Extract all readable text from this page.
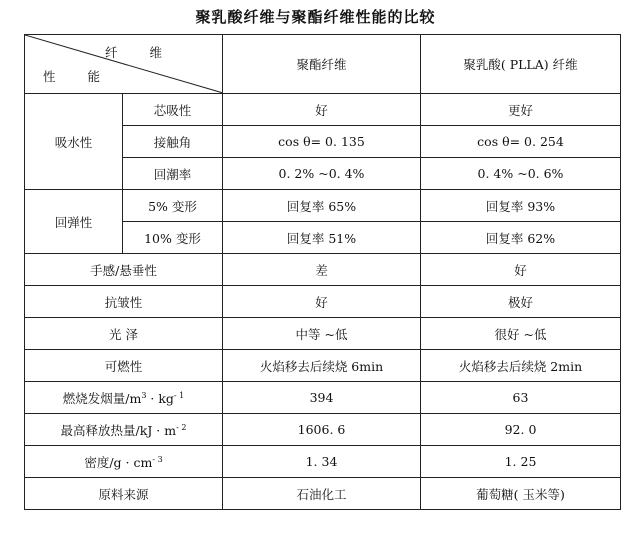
聚乳酸纤维与聚酯纤维性能的比较
纤 维
性 能		聚酯纤维	聚乳酸( PLLA) 纤维
吸水性	芯吸性	好	更好
	接触角	cos θ= 0. 135	cos θ= 0. 254
	回潮率	0. 2% ~0. 4%	0. 4% ~0. 6%
回弹性	5% 变形	回复率 65%	回复率 93%
	10% 变形	回复率 51%	回复率 62%
手感/悬垂性		差	好
抗皱性		好	极好
光 泽		中等 ~低	很好 ~低
可燃性		火焰移去后续烧 6min	火焰移去后续烧 2min
燃烧发烟量$/m^3 \cdot kg^{- 1}$		394	63
最高释放热量$/kJ \cdot m^{- 2}$		1606. 6	92. 0
密度$/g \cdot cm^{- 3}$		1. 34	1. 25
原料来源		石油化工	葡萄糖( 玉米等)
